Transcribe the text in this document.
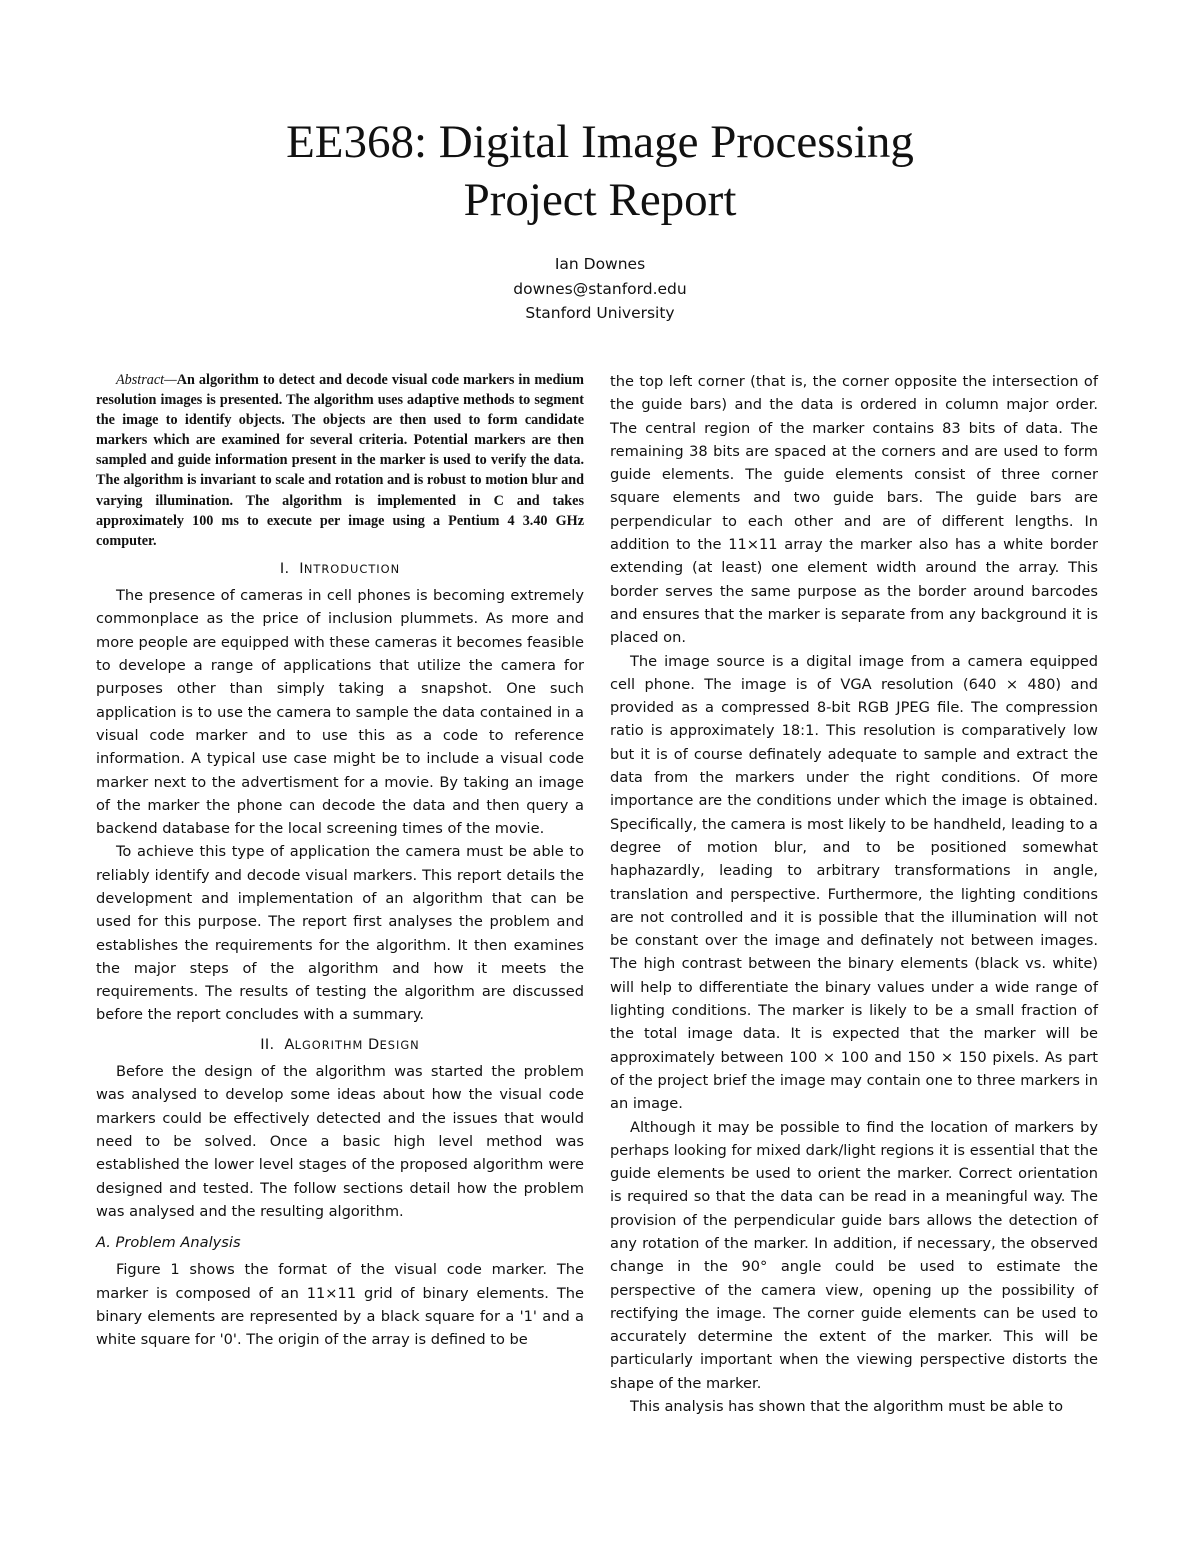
EE368: Digital Image Processing
Project Report
Ian Downes
downes@stanford.edu
Stanford University

Abstract—An algorithm to detect and decode visual code markers in medium resolution images is presented. The algorithm uses adaptive methods to segment the image to identify objects. The objects are then used to form candidate markers which are examined for several criteria. Potential markers are then sampled and guide information present in the marker is used to verify the data. The algorithm is invariant to scale and rotation and is robust to motion blur and varying illumination. The algorithm is implemented in C and takes approximately 100 ms to execute per image using a Pentium 4 3.40 GHz computer.

I. INTRODUCTION

The presence of cameras in cell phones is becoming extremely commonplace as the price of inclusion plummets. As more and more people are equipped with these cameras it becomes feasible to develope a range of applications that utilize the camera for purposes other than simply taking a snapshot. One such application is to use the camera to sample the data contained in a visual code marker and to use this as a code to reference information. A typical use case might be to include a visual code marker next to the advertisment for a movie. By taking an image of the marker the phone can decode the data and then query a backend database for the local screening times of the movie.

To achieve this type of application the camera must be able to reliably identify and decode visual markers. This report details the development and implementation of an algorithm that can be used for this purpose. The report first analyses the problem and establishes the requirements for the algorithm. It then examines the major steps of the algorithm and how it meets the requirements. The results of testing the algorithm are discussed before the report concludes with a summary.

II. ALGORITHM DESIGN

Before the design of the algorithm was started the problem was analysed to develop some ideas about how the visual code markers could be effectively detected and the issues that would need to be solved. Once a basic high level method was established the lower level stages of the proposed algorithm were designed and tested. The follow sections detail how the problem was analysed and the resulting algorithm.

A. Problem Analysis

Figure 1 shows the format of the visual code marker. The marker is composed of an 11×11 grid of binary elements. The binary elements are represented by a black square for a '1' and a white square for '0'. The origin of the array is defined to be

the top left corner (that is, the corner opposite the intersection of the guide bars) and the data is ordered in column major order. The central region of the marker contains 83 bits of data. The remaining 38 bits are spaced at the corners and are used to form guide elements. The guide elements consist of three corner square elements and two guide bars. The guide bars are perpendicular to each other and are of different lengths. In addition to the 11×11 array the marker also has a white border extending (at least) one element width around the array. This border serves the same purpose as the border around barcodes and ensures that the marker is separate from any background it is placed on.

The image source is a digital image from a camera equipped cell phone. The image is of VGA resolution (640 × 480) and provided as a compressed 8-bit RGB JPEG file. The compression ratio is approximately 18:1. This resolution is comparatively low but it is of course definately adequate to sample and extract the data from the markers under the right conditions. Of more importance are the conditions under which the image is obtained. Specifically, the camera is most likely to be handheld, leading to a degree of motion blur, and to be positioned somewhat haphazardly, leading to arbitrary transformations in angle, translation and perspective. Furthermore, the lighting conditions are not controlled and it is possible that the illumination will not be constant over the image and definately not between images. The high contrast between the binary elements (black vs. white) will help to differentiate the binary values under a wide range of lighting conditions. The marker is likely to be a small fraction of the total image data. It is expected that the marker will be approximately between 100 × 100 and 150 × 150 pixels. As part of the project brief the image may contain one to three markers in an image.

Although it may be possible to find the location of markers by perhaps looking for mixed dark/light regions it is essential that the guide elements be used to orient the marker. Correct orientation is required so that the data can be read in a meaningful way. The provision of the perpendicular guide bars allows the detection of any rotation of the marker. In addition, if necessary, the observed change in the 90° angle could be used to estimate the perspective of the camera view, opening up the possibility of rectifying the image. The corner guide elements can be used to accurately determine the extent of the marker. This will be particularly important when the viewing perspective distorts the shape of the marker.

This analysis has shown that the algorithm must be able to
